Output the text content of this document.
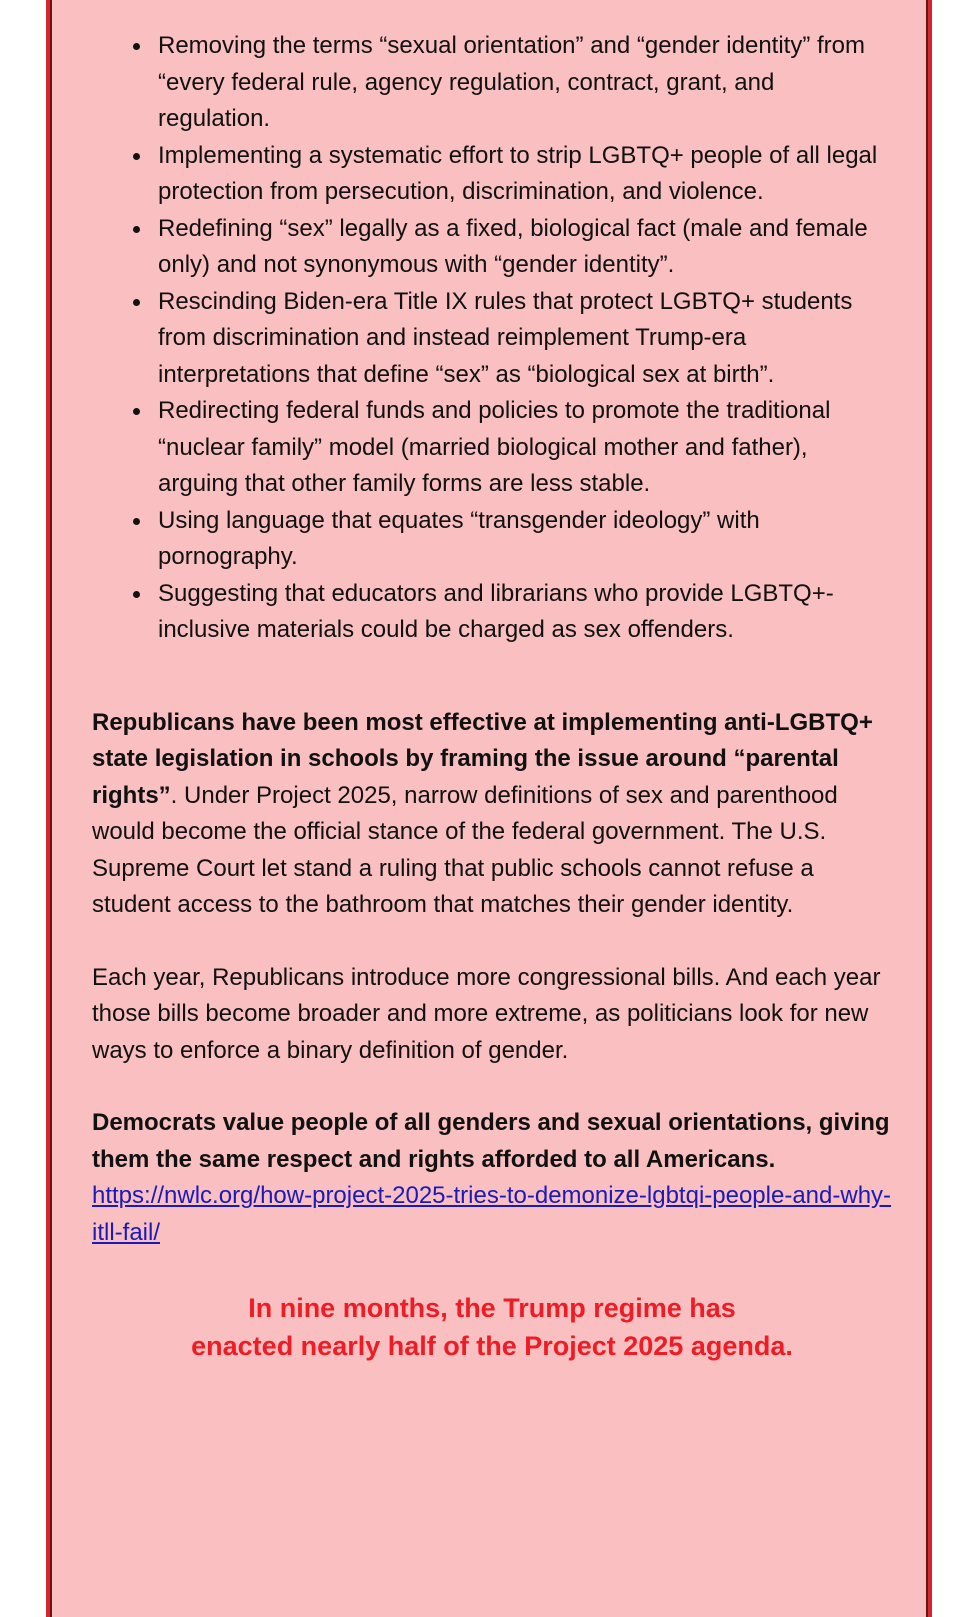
Removing the terms “sexual orientation” and “gender identity” from “every federal rule, agency regulation, contract, grant, and regulation.
Implementing a systematic effort to strip LGBTQ+ people of all legal protection from persecution, discrimination, and violence.
Redefining “sex” legally as a fixed, biological fact (male and female only) and not synonymous with “gender identity”.
Rescinding Biden-era Title IX rules that protect LGBTQ+ students from discrimination and instead reimplement Trump-era interpretations that define “sex” as “biological sex at birth”.
Redirecting federal funds and policies to promote the traditional “nuclear family” model (married biological mother and father), arguing that other family forms are less stable.
Using language that equates “transgender ideology” with pornography.
Suggesting that educators and librarians who provide LGBTQ+-inclusive materials could be charged as sex offenders.

Republicans have been most effective at implementing anti-LGBTQ+ state legislation in schools by framing the issue around “parental rights”. Under Project 2025, narrow definitions of sex and parenthood would become the official stance of the federal government. The U.S. Supreme Court let stand a ruling that public schools cannot refuse a student access to the bathroom that matches their gender identity.

Each year, Republicans introduce more congressional bills. And each year those bills become broader and more extreme, as politicians look for new ways to enforce a binary definition of gender.

Democrats value people of all genders and sexual orientations, giving them the same respect and rights afforded to all Americans.
https://nwlc.org/how-project-2025-tries-to-demonize-lgbtqi-people-and-why-itll-fail/

In nine months, the Trump regime has
enacted nearly half of the Project 2025 agenda.
